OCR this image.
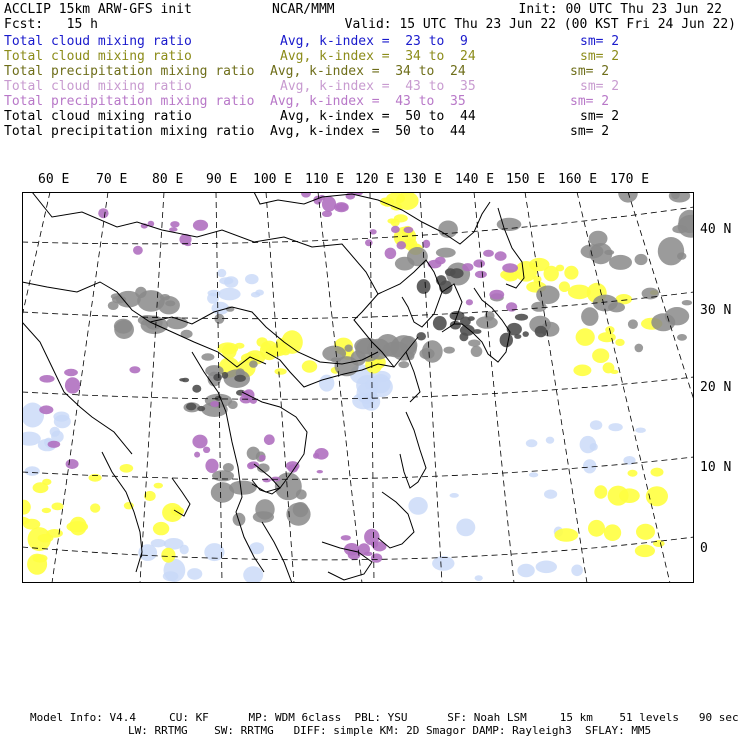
ACCLIP 15km ARW-GFS init	NCAR/MMM	Init: 00 UTC Thu 23 Jun 22
Fcst:   15 h	Valid: 15 UTC Thu 23 Jun 22 (00 KST Fri 24 Jun 22)
Total cloud mixing ratio	Avg, k-index =  23 to  9	sm= 2
Total cloud mixing ratio	Avg, k-index =  34 to  24	sm= 2
Total precipitation mixing ratio Avg, k-index =  34 to  24	sm= 2
Total cloud mixing ratio	Avg, k-index =  43 to  35	sm= 2
Total precipitation mixing ratio Avg, k-index =  43 to  35	sm= 2
Total cloud mixing ratio	Avg, k-index =  50 to  44	sm= 2
Total precipitation mixing ratio Avg, k-index =  50 to  44	sm= 2
60 E 70 E 80 E 90 E 100 E 110 E 120 E 130 E 140 E 150 E 160 E 170 E
40 N
30 N
20 N
10 N
0
Model Info: V4.4     CU: KF      MP: WDM 6class  PBL: YSU      SF: Noah LSM     15 km    51 levels   90 sec
LW: RRTMG    SW: RRTMG   DIFF: simple KM: 2D Smagor DAMP: Rayleigh3  SFLAY: MM5
